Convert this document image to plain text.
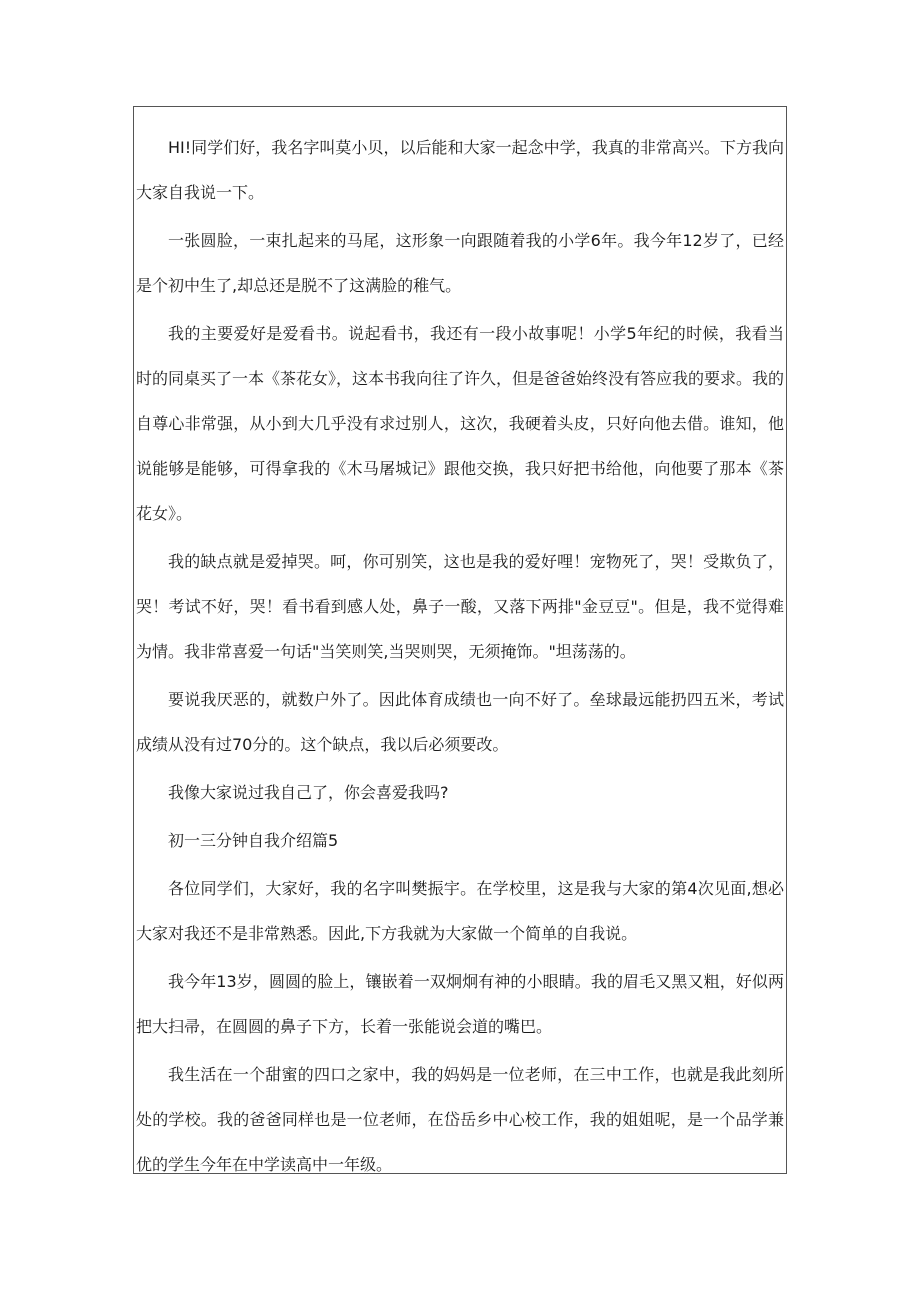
HI!同学们好，我名字叫莫小贝，以后能和大家一起念中学，我真的非常高兴。下方我向大家自我说一下。

一张圆脸，一束扎起来的马尾，这形象一向跟随着我的小学6年。我今年12岁了，已经是个初中生了,却总还是脱不了这满脸的稚气。

我的主要爱好是爱看书。说起看书，我还有一段小故事呢！小学5年纪的时候，我看当时的同桌买了一本《茶花女》，这本书我向往了许久，但是爸爸始终没有答应我的要求。我的自尊心非常强，从小到大几乎没有求过别人，这次，我硬着头皮，只好向他去借。谁知，他说能够是能够，可得拿我的《木马屠城记》跟他交换，我只好把书给他，向他要了那本《茶花女》。

我的缺点就是爱掉哭。呵，你可别笑，这也是我的爱好哩！宠物死了，哭！受欺负了，哭！考试不好，哭！看书看到感人处，鼻子一酸，又落下两排"金豆豆"。但是，我不觉得难为情。我非常喜爱一句话"当笑则笑,当哭则哭，无须掩饰。"坦荡荡的。

要说我厌恶的，就数户外了。因此体育成绩也一向不好了。垒球最远能扔四五米，考试成绩从没有过70分的。这个缺点，我以后必须要改。

我像大家说过我自己了，你会喜爱我吗?

初一三分钟自我介绍篇5

各位同学们，大家好，我的名字叫樊振宇。在学校里，这是我与大家的第4次见面,想必大家对我还不是非常熟悉。因此,下方我就为大家做一个简单的自我说。

我今年13岁，圆圆的脸上，镶嵌着一双炯炯有神的小眼睛。我的眉毛又黑又粗，好似两把大扫帚，在圆圆的鼻子下方，长着一张能说会道的嘴巴。

我生活在一个甜蜜的四口之家中，我的妈妈是一位老师，在三中工作，也就是我此刻所处的学校。我的爸爸同样也是一位老师，在岱岳乡中心校工作，我的姐姐呢，是一个品学兼优的学生今年在中学读高中一年级。
